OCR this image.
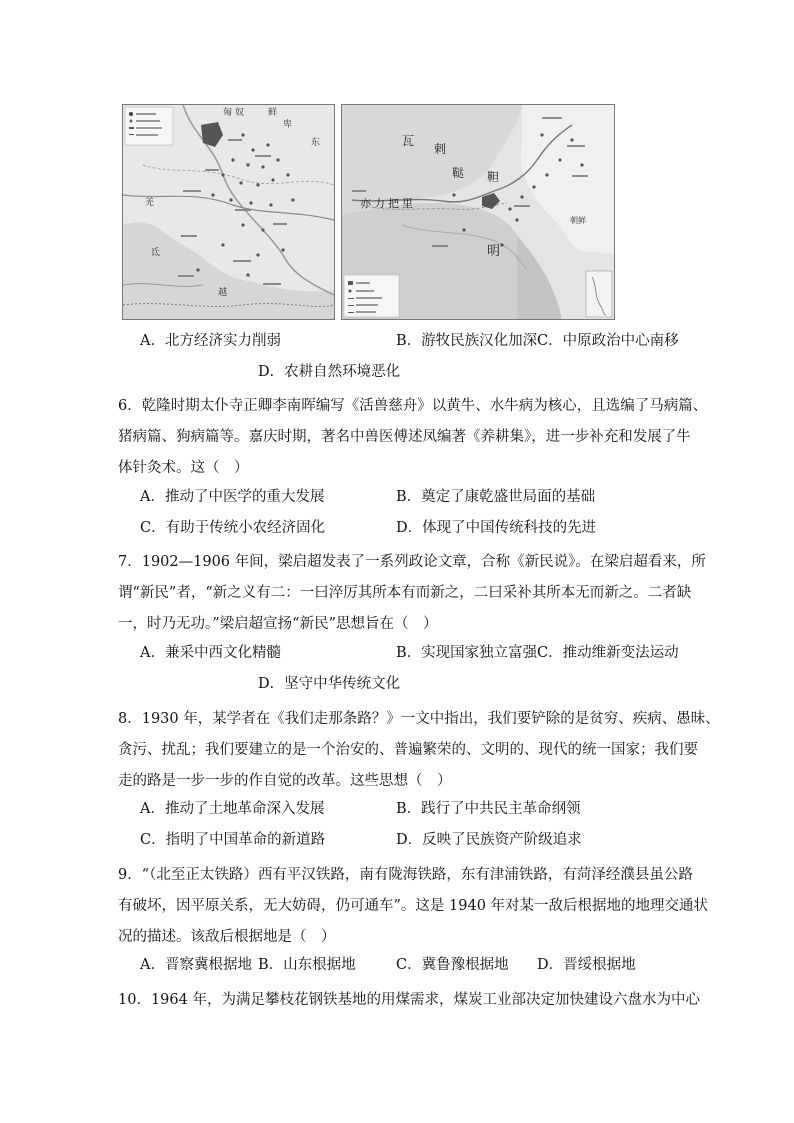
匈 奴	鲜
卑
羌
氐
越
东	瓦
剌
鞑 靼
亦力把里
明
朝鲜
A．北方经济实力削弱	B．游牧民族汉化加深 C．中原政治中心南移
D．农耕自然环境恶化
6．乾隆时期太仆寺正卿李南晖编写《活兽慈舟》以黄牛、水牛病为核心，且选编了马病篇、
猪病篇、狗病篇等。嘉庆时期，著名中兽医傅述凤编著《养耕集》，进一步补充和发展了牛
体针灸术。这（　）
A．推动了中医学的重大发展	B．奠定了康乾盛世局面的基础
C．有助于传统小农经济固化	D．体现了中国传统科技的先进
7．1902—1906 年间，梁启超发表了一系列政论文章，合称《新民说》。在梁启超看来，所
谓“新民”者，“新之义有二：一曰淬厉其所本有而新之，二曰采补其所本无而新之。二者缺
一，时乃无功。”梁启超宣扬“新民”思想旨在（　）
A．兼采中西文化精髓	B．实现国家独立富强 C．推动维新变法运动
D．坚守中华传统文化
8．1930 年，某学者在《我们走那条路？》一文中指出，我们要铲除的是贫穷、疾病、愚昧、
贪污、扰乱；我们要建立的是一个治安的、普遍繁荣的、文明的、现代的统一国家；我们要
走的路是一步一步的作自觉的改革。这些思想（　）
A．推动了土地革命深入发展	B．践行了中共民主革命纲领
C．指明了中国革命的新道路	D．反映了民族资产阶级追求
9．“（北至正太铁路）西有平汉铁路，南有陇海铁路，东有津浦铁路，有菏泽经濮县虽公路
有破坏，因平原关系，无大妨碍，仍可通车”。这是 1940 年对某一敌后根据地的地理交通状
况的描述。该敌后根据地是（　）
A．晋察冀根据地 B．山东根据地	C．冀鲁豫根据地 D．晋绥根据地
10．1964 年，为满足攀枝花钢铁基地的用煤需求，煤炭工业部决定加快建设六盘水为中心
